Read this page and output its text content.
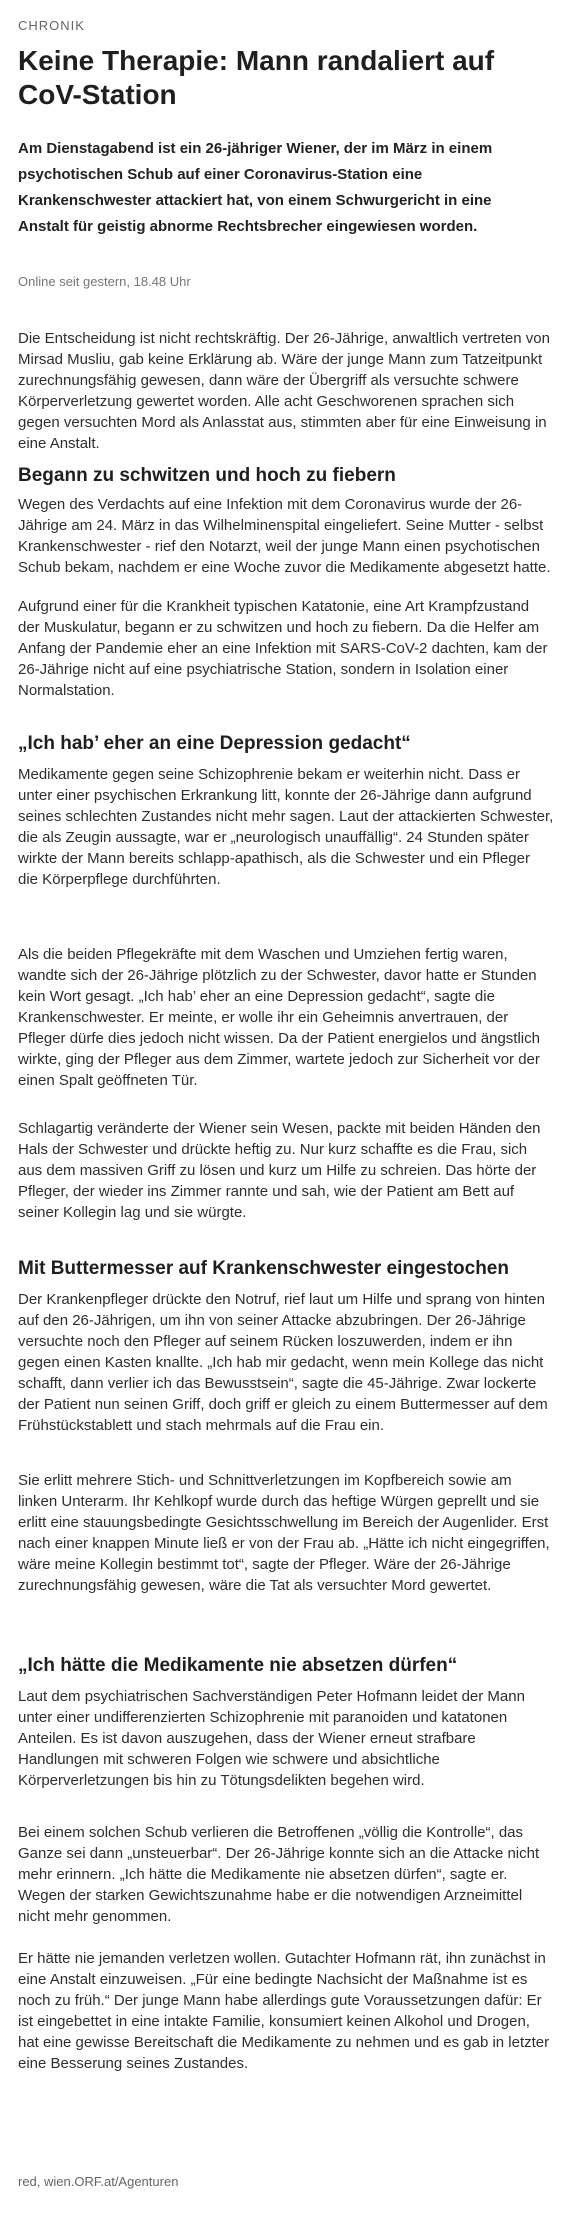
CHRONIK
Keine Therapie: Mann randaliert auf CoV-Station

Am Dienstagabend ist ein 26-jähriger Wiener, der im März in einem psychotischen Schub auf einer Coronavirus-Station eine Krankenschwester attackiert hat, von einem Schwurgericht in eine Anstalt für geistig abnorme Rechtsbrecher eingewiesen worden.

Online seit gestern, 18.48 Uhr

Die Entscheidung ist nicht rechtskräftig. Der 26-Jährige, anwaltlich vertreten von Mirsad Musliu, gab keine Erklärung ab. Wäre der junge Mann zum Tatzeitpunkt zurechnungsfähig gewesen, dann wäre der Übergriff als versuchte schwere Körperverletzung gewertet worden. Alle acht Geschworenen sprachen sich gegen versuchten Mord als Anlasstat aus, stimmten aber für eine Einweisung in eine Anstalt.

Begann zu schwitzen und hoch zu fiebern

Wegen des Verdachts auf eine Infektion mit dem Coronavirus wurde der 26-Jährige am 24. März in das Wilhelminenspital eingeliefert. Seine Mutter - selbst Krankenschwester - rief den Notarzt, weil der junge Mann einen psychotischen Schub bekam, nachdem er eine Woche zuvor die Medikamente abgesetzt hatte.

Aufgrund einer für die Krankheit typischen Katatonie, eine Art Krampfzustand der Muskulatur, begann er zu schwitzen und hoch zu fiebern. Da die Helfer am Anfang der Pandemie eher an eine Infektion mit SARS-CoV-2 dachten, kam der 26-Jährige nicht auf eine psychiatrische Station, sondern in Isolation einer Normalstation.

„Ich hab’ eher an eine Depression gedacht“

Medikamente gegen seine Schizophrenie bekam er weiterhin nicht. Dass er unter einer psychischen Erkrankung litt, konnte der 26-Jährige dann aufgrund seines schlechten Zustandes nicht mehr sagen. Laut der attackierten Schwester, die als Zeugin aussagte, war er „neurologisch unauffällig“. 24 Stunden später wirkte der Mann bereits schlapp-apathisch, als die Schwester und ein Pfleger die Körperpflege durchführten.

Als die beiden Pflegekräfte mit dem Waschen und Umziehen fertig waren, wandte sich der 26-Jährige plötzlich zu der Schwester, davor hatte er Stunden kein Wort gesagt. „Ich hab’ eher an eine Depression gedacht“, sagte die Krankenschwester. Er meinte, er wolle ihr ein Geheimnis anvertrauen, der Pfleger dürfe dies jedoch nicht wissen. Da der Patient energielos und ängstlich wirkte, ging der Pfleger aus dem Zimmer, wartete jedoch zur Sicherheit vor der einen Spalt geöffneten Tür.

Schlagartig veränderte der Wiener sein Wesen, packte mit beiden Händen den Hals der Schwester und drückte heftig zu. Nur kurz schaffte es die Frau, sich aus dem massiven Griff zu lösen und kurz um Hilfe zu schreien. Das hörte der Pfleger, der wieder ins Zimmer rannte und sah, wie der Patient am Bett auf seiner Kollegin lag und sie würgte.

Mit Buttermesser auf Krankenschwester eingestochen

Der Krankenpfleger drückte den Notruf, rief laut um Hilfe und sprang von hinten auf den 26-Jährigen, um ihn von seiner Attacke abzubringen. Der 26-Jährige versuchte noch den Pfleger auf seinem Rücken loszuwerden, indem er ihn gegen einen Kasten knallte. „Ich hab mir gedacht, wenn mein Kollege das nicht schafft, dann verlier ich das Bewusstsein“, sagte die 45-Jährige. Zwar lockerte der Patient nun seinen Griff, doch griff er gleich zu einem Buttermesser auf dem Frühstückstablett und stach mehrmals auf die Frau ein.

Sie erlitt mehrere Stich- und Schnittverletzungen im Kopfbereich sowie am linken Unterarm. Ihr Kehlkopf wurde durch das heftige Würgen geprellt und sie erlitt eine stauungsbedingte Gesichtsschwellung im Bereich der Augenlider. Erst nach einer knappen Minute ließ er von der Frau ab. „Hätte ich nicht eingegriffen, wäre meine Kollegin bestimmt tot“, sagte der Pfleger. Wäre der 26-Jährige zurechnungsfähig gewesen, wäre die Tat als versuchter Mord gewertet.

„Ich hätte die Medikamente nie absetzen dürfen“

Laut dem psychiatrischen Sachverständigen Peter Hofmann leidet der Mann unter einer undifferenzierten Schizophrenie mit paranoiden und katatonen Anteilen. Es ist davon auszugehen, dass der Wiener erneut strafbare Handlungen mit schweren Folgen wie schwere und absichtliche Körperverletzungen bis hin zu Tötungsdelikten begehen wird.

Bei einem solchen Schub verlieren die Betroffenen „völlig die Kontrolle“, das Ganze sei dann „unsteuerbar“. Der 26-Jährige konnte sich an die Attacke nicht mehr erinnern. „Ich hätte die Medikamente nie absetzen dürfen“, sagte er. Wegen der starken Gewichtszunahme habe er die notwendigen Arzneimittel nicht mehr genommen.

Er hätte nie jemanden verletzen wollen. Gutachter Hofmann rät, ihn zunächst in eine Anstalt einzuweisen. „Für eine bedingte Nachsicht der Maßnahme ist es noch zu früh.“ Der junge Mann habe allerdings gute Voraussetzungen dafür: Er ist eingebettet in eine intakte Familie, konsumiert keinen Alkohol und Drogen, hat eine gewisse Bereitschaft die Medikamente zu nehmen und es gab in letzter eine Besserung seines Zustandes.

red, wien.ORF.at/Agenturen
